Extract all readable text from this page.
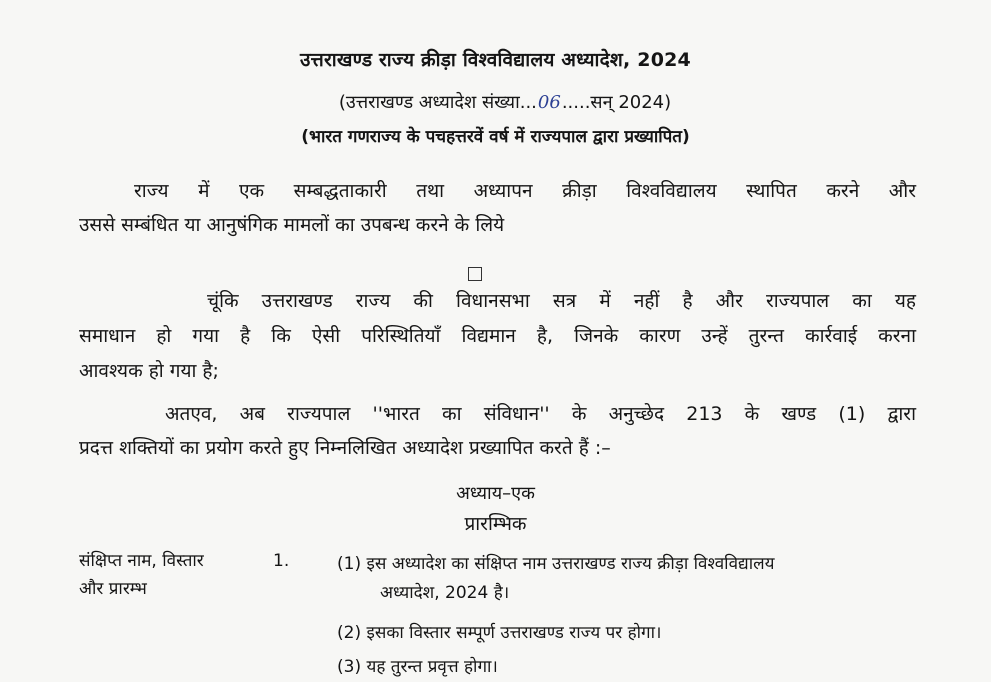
उत्तराखण्ड राज्य क्रीड़ा विश्वविद्यालय अध्यादेश, 2024
(उत्तराखण्ड अध्यादेश संख्या...06.....सन् 2024)
(भारत गणराज्य के पचहत्तरवें वर्ष में राज्यपाल द्वारा प्रख्यापित)
राज्य में एक सम्बद्धताकारी तथा अध्यापन क्रीड़ा विश्वविद्यालय स्थापित करने और
उससे सम्बंधित या आनुषंगिक मामलों का उपबन्ध करने के लिये
चूंकि उत्तराखण्ड राज्य की विधानसभा सत्र में नहीं है और राज्यपाल का यह
समाधान हो गया है कि ऐसी परिस्थितियाँ विद्यमान है, जिनके कारण उन्हें तुरन्त कार्रवाई करना
आवश्यक हो गया है;
अतएव, अब राज्यपाल ''भारत का संविधान'' के अनुच्छेद 213 के खण्ड (1) द्वारा
प्रदत्त शक्तियों का प्रयोग करते हुए निम्नलिखित अध्यादेश प्रख्यापित करते हैं :–
अध्याय–एक
प्रारम्भिक
संक्षिप्त नाम, विस्तार
और प्रारम्भ
1.	(1) इस अध्यादेश का संक्षिप्त नाम उत्तराखण्ड राज्य क्रीड़ा विश्वविद्यालय
अध्यादेश, 2024 है।
(2) इसका विस्तार सम्पूर्ण उत्तराखण्ड राज्य पर होगा।
(3) यह तुरन्त प्रवृत्त होगा।
